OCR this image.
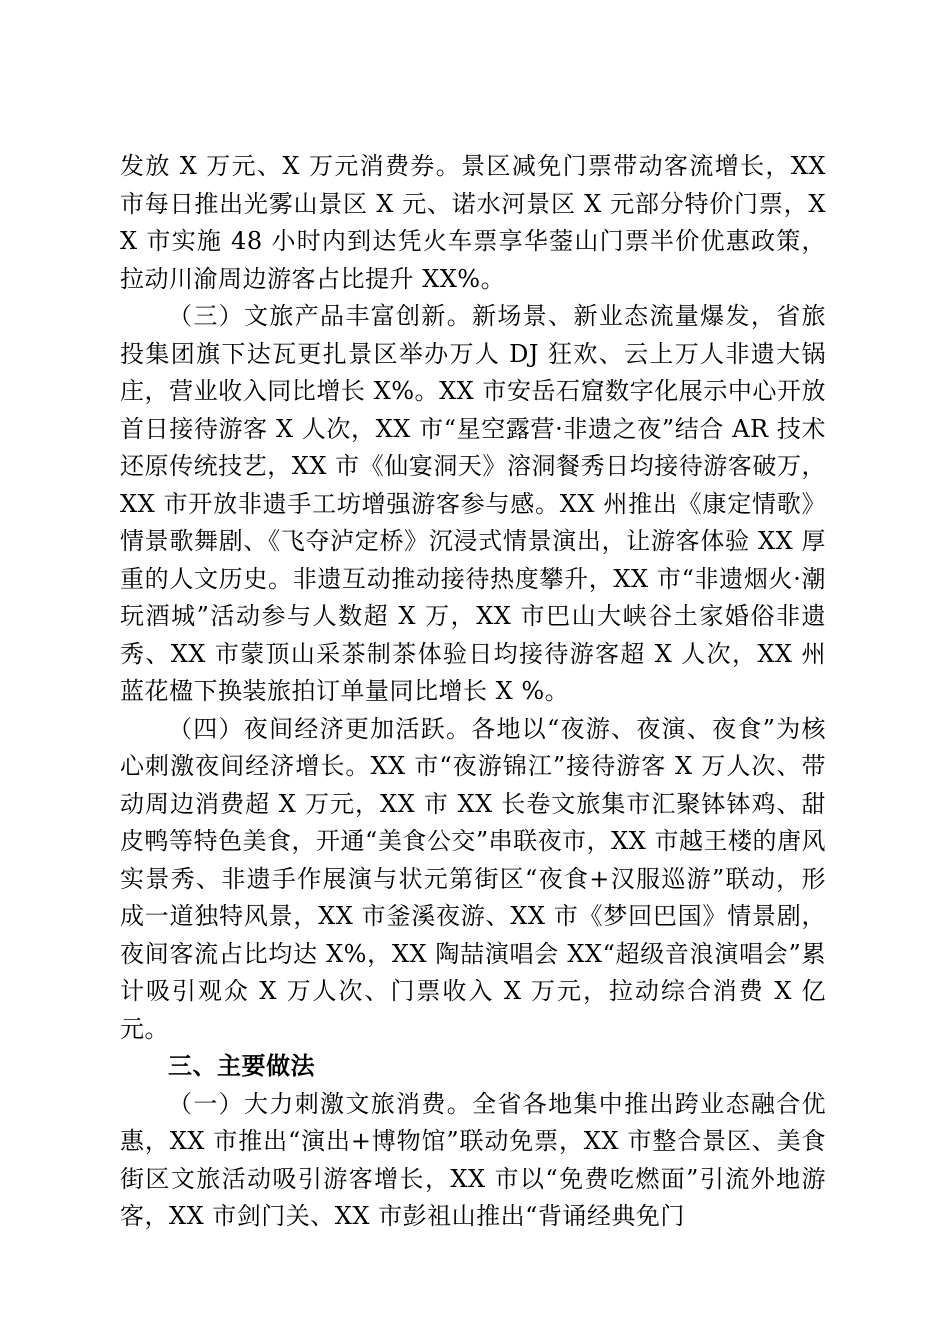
发放 X 万元、X 万元消费券。景区减免门票带动客流增长，XX 市每日推出光雾山景区 X 元、诺水河景区 X 元部分特价门票，XX 市实施 48 小时内到达凭火车票享华蓥山门票半价优惠政策，拉动川渝周边游客占比提升 XX%。

（三）文旅产品丰富创新。新场景、新业态流量爆发，省旅投集团旗下达瓦更扎景区举办万人 DJ 狂欢、云上万人非遗大锅庄，营业收入同比增长 X%。XX 市安岳石窟数字化展示中心开放首日接待游客 X 人次，XX 市“星空露营·非遗之夜”结合 AR 技术还原传统技艺，XX 市《仙宴洞天》溶洞餐秀日均接待游客破万，XX 市开放非遗手工坊增强游客参与感。XX 州推出《康定情歌》情景歌舞剧、《飞夺泸定桥》沉浸式情景演出，让游客体验 XX 厚重的人文历史。非遗互动推动接待热度攀升，XX 市“非遗烟火·潮玩酒城”活动参与人数超 X 万，XX 市巴山大峡谷土家婚俗非遗秀、XX 市蒙顶山采茶制茶体验日均接待游客超 X 人次，XX 州蓝花楹下换装旅拍订单量同比增长 X %。

（四）夜间经济更加活跃。各地以“夜游、夜演、夜食”为核心刺激夜间经济增长。XX 市“夜游锦江”接待游客 X 万人次、带动周边消费超 X 万元，XX 市 XX 长卷文旅集市汇聚钵钵鸡、甜皮鸭等特色美食，开通“美食公交”串联夜市，XX 市越王楼的唐风实景秀、非遗手作展演与状元第街区“夜食+汉服巡游”联动，形成一道独特风景，XX 市釜溪夜游、XX 市《梦回巴国》情景剧，夜间客流占比均达 X%，XX 陶喆演唱会 XX“超级音浪演唱会”累计吸引观众 X 万人次、门票收入 X 万元，拉动综合消费 X 亿元。

三、主要做法

（一）大力刺激文旅消费。全省各地集中推出跨业态融合优惠，XX 市推出“演出+博物馆”联动免票，XX 市整合景区、美食街区文旅活动吸引游客增长，XX 市以“免费吃燃面”引流外地游客，XX 市剑门关、XX 市彭祖山推出“背诵经典免门
